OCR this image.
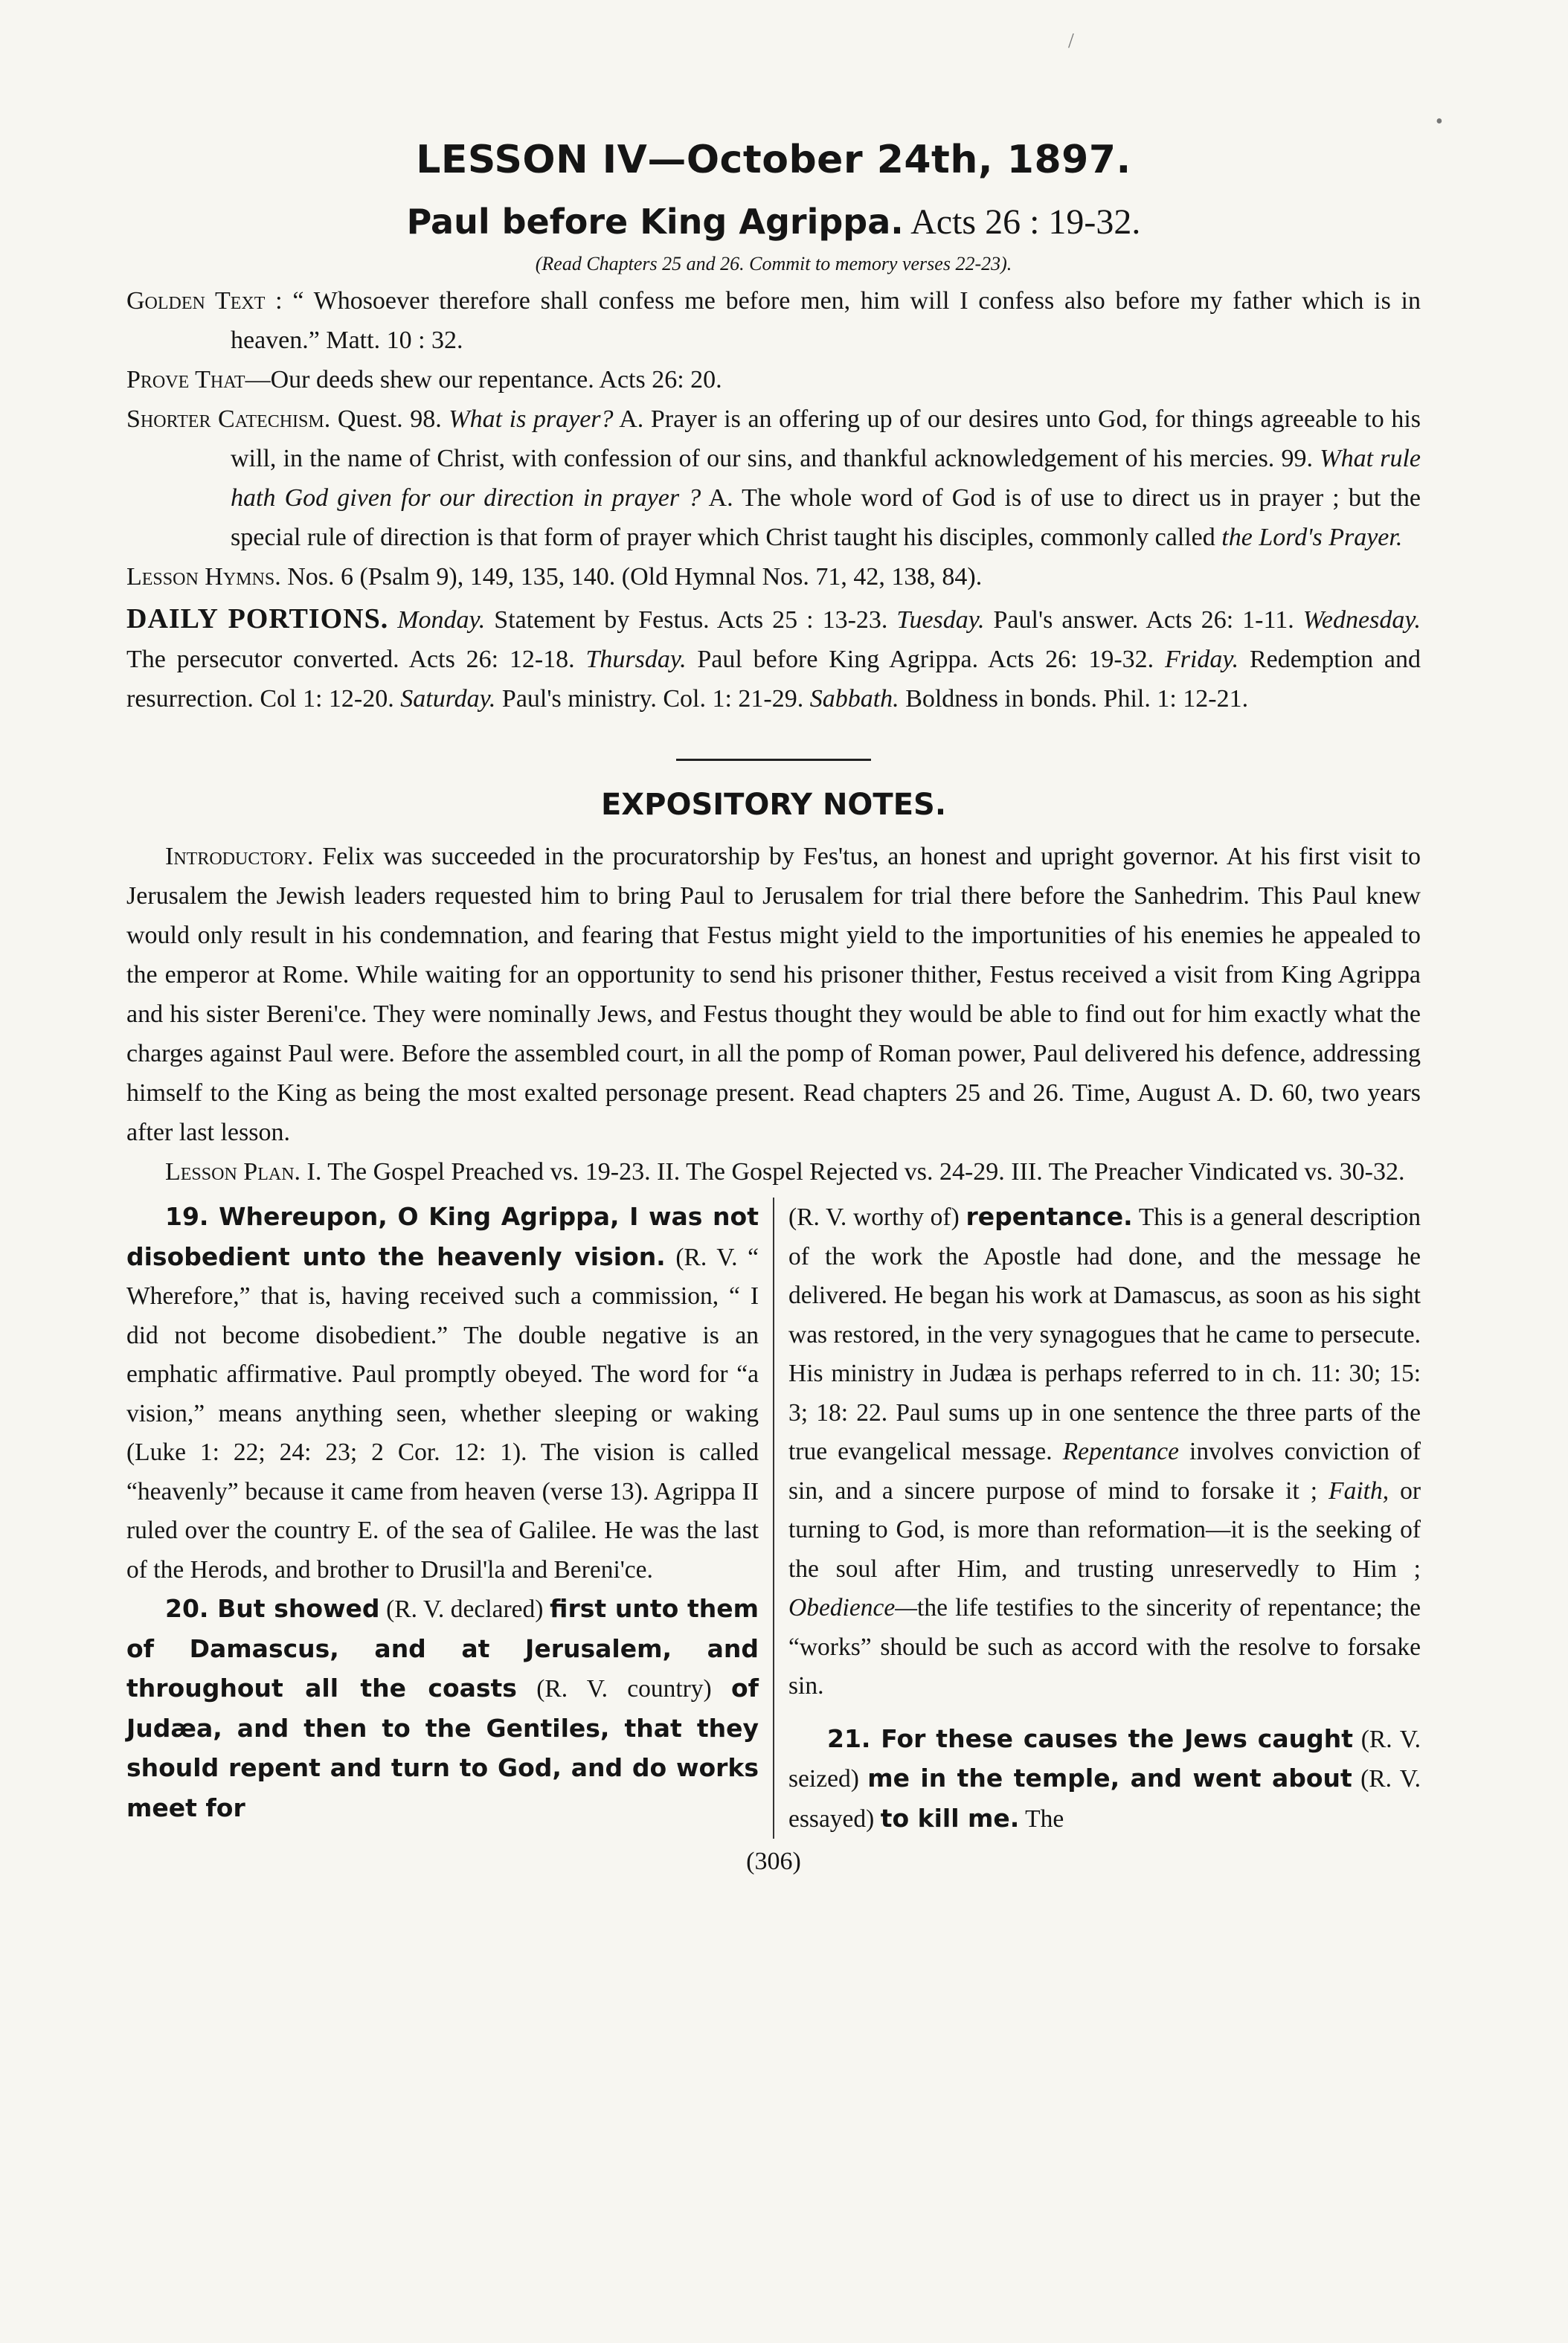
/
•
LESSON IV—October 24th, 1897.
Paul before King Agrippa. Acts 26 : 19-32.
(Read Chapters 25 and 26. Commit to memory verses 22-23).

Golden Text : “ Whosoever therefore shall confess me before men, him will I confess also before my father which is in heaven.” Matt. 10 : 32.

Prove That—Our deeds shew our repentance. Acts 26: 20.

Shorter Catechism. Quest. 98. What is prayer? A. Prayer is an offering up of our desires unto God, for things agreeable to his will, in the name of Christ, with confession of our sins, and thankful acknowledgement of his mercies. 99. What rule hath God given for our direction in prayer ? A. The whole word of God is of use to direct us in prayer ; but the special rule of direction is that form of prayer which Christ taught his disciples, commonly called the Lord's Prayer.

Lesson Hymns. Nos. 6 (Psalm 9), 149, 135, 140. (Old Hymnal Nos. 71, 42, 138, 84).

DAILY PORTIONS. Monday. Statement by Festus. Acts 25 : 13-23. Tuesday. Paul's answer. Acts 26: 1-11. Wednesday. The persecutor converted. Acts 26: 12-18. Thursday. Paul before King Agrippa. Acts 26: 19-32. Friday. Redemption and resurrection. Col 1: 12-20. Saturday. Paul's ministry. Col. 1: 21-29. Sabbath. Boldness in bonds. Phil. 1: 12-21.

EXPOSITORY NOTES.

Introductory. Felix was succeeded in the procuratorship by Fes'tus, an honest and upright governor. At his first visit to Jerusalem the Jewish leaders requested him to bring Paul to Jerusalem for trial there before the Sanhedrim. This Paul knew would only result in his condemnation, and fearing that Festus might yield to the importunities of his enemies he appealed to the emperor at Rome. While waiting for an opportunity to send his prisoner thither, Festus received a visit from King Agrippa and his sister Bereni'ce. They were nominally Jews, and Festus thought they would be able to find out for him exactly what the charges against Paul were. Before the assembled court, in all the pomp of Roman power, Paul delivered his defence, addressing himself to the King as being the most exalted personage present. Read chapters 25 and 26. Time, August A. D. 60, two years after last lesson.

Lesson Plan. I. The Gospel Preached vs. 19-23. II. The Gospel Rejected vs. 24-29. III. The Preacher Vindicated vs. 30-32.

19. Whereupon, O King Agrippa, I was not disobedient unto the heavenly vision. (R. V. “ Wherefore,” that is, having received such a commission, “ I did not become disobedient.” The double negative is an emphatic affirmative. Paul promptly obeyed. The word for “a vision,” means anything seen, whether sleeping or waking (Luke 1: 22; 24: 23; 2 Cor. 12: 1). The vision is called “heavenly” because it came from heaven (verse 13). Agrippa II ruled over the country E. of the sea of Galilee. He was the last of the Herods, and brother to Drusil'la and Bereni'ce.

20. But showed (R. V. declared) first unto them of Damascus, and at Jerusalem, and throughout all the coasts (R. V. country) of Judæa, and then to the Gentiles, that they should repent and turn to God, and do works meet for

(R. V. worthy of) repentance. This is a general description of the work the Apostle had done, and the message he delivered. He began his work at Damascus, as soon as his sight was restored, in the very synagogues that he came to persecute. His ministry in Judæa is perhaps referred to in ch. 11: 30; 15: 3; 18: 22. Paul sums up in one sentence the three parts of the true evangelical message. Repentance involves conviction of sin, and a sincere purpose of mind to forsake it ; Faith, or turning to God, is more than reformation—it is the seeking of the soul after Him, and trusting unreservedly to Him ; Obedience—the life testifies to the sincerity of repentance; the “works” should be such as accord with the resolve to forsake sin.

21. For these causes the Jews caught (R. V. seized) me in the temple, and went about (R. V. essayed) to kill me. The

(306)
